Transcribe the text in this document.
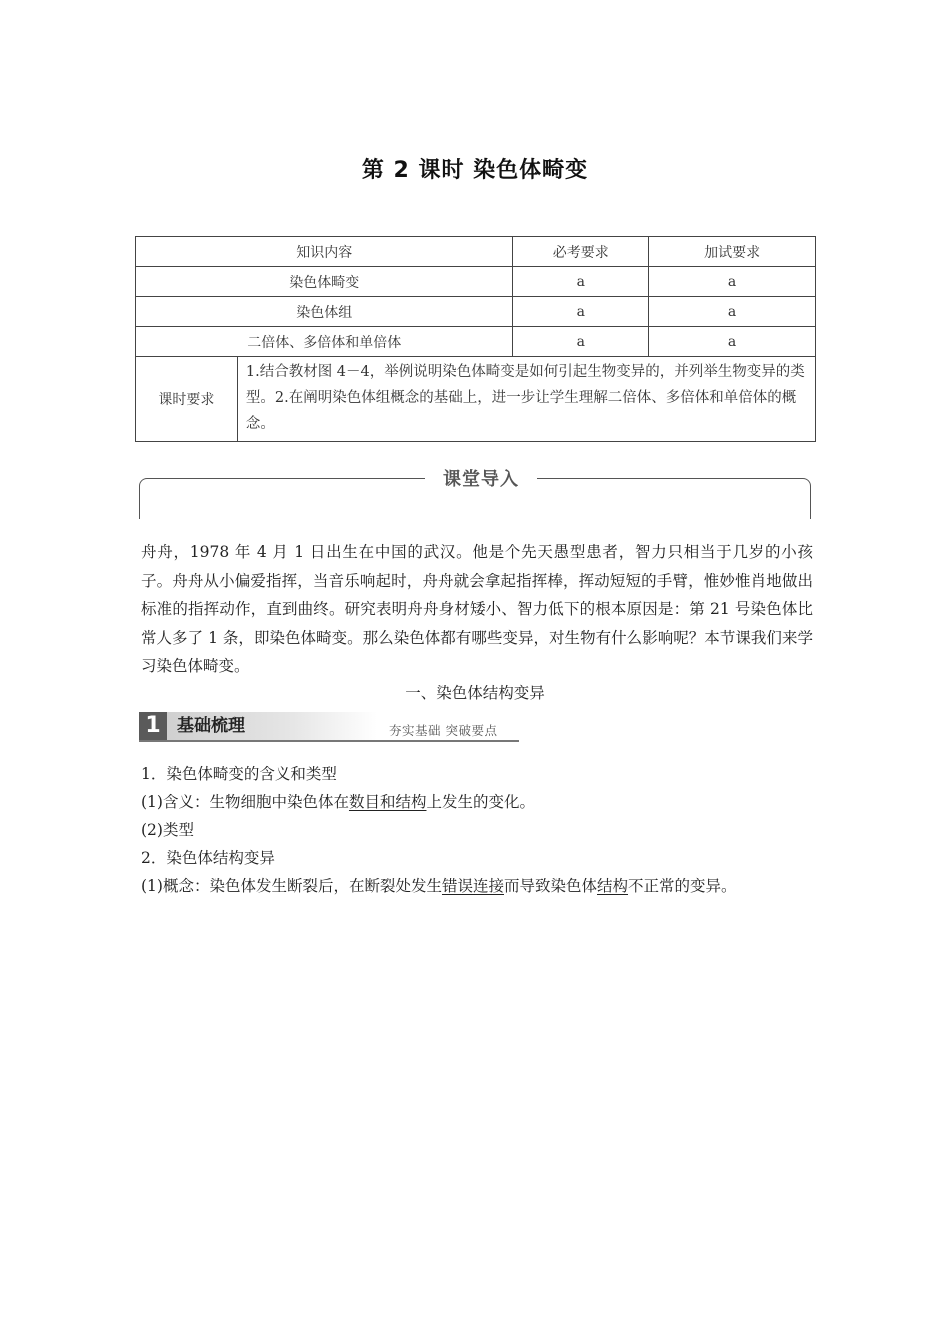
第 2 课时 染色体畸变
知识内容		必考要求	加试要求
染色体畸变		a	a
染色体组		a	a
二倍体、多倍体和单倍体		a	a
课时要求	1.结合教材图 4－4，举例说明染色体畸变是如何引起生物变异的，并列举生物变异的类型。2.在阐明染色体组概念的基础上，进一步让学生理解二倍体、多倍体和单倍体的概念。		
课堂导入
舟舟，1978 年 4 月 1 日出生在中国的武汉。他是个先天愚型患者，智力只相当于几岁的小孩子。舟舟从小偏爱指挥，当音乐响起时，舟舟就会拿起指挥棒，挥动短短的手臂，惟妙惟肖地做出标准的指挥动作，直到曲终。研究表明舟舟身材矮小、智力低下的根本原因是：第 21 号染色体比常人多了 1 条，即染色体畸变。那么染色体都有哪些变异，对生物有什么影响呢？本节课我们来学习染色体畸变。
一、染色体结构变异
1 基础梳理	夯实基础 突破要点

1．染色体畸变的含义和类型

(1)含义：生物细胞中染色体在数目和结构上发生的变化。

(2)类型

2．染色体结构变异

(1)概念：染色体发生断裂后，在断裂处发生错误连接而导致染色体结构不正常的变异。
